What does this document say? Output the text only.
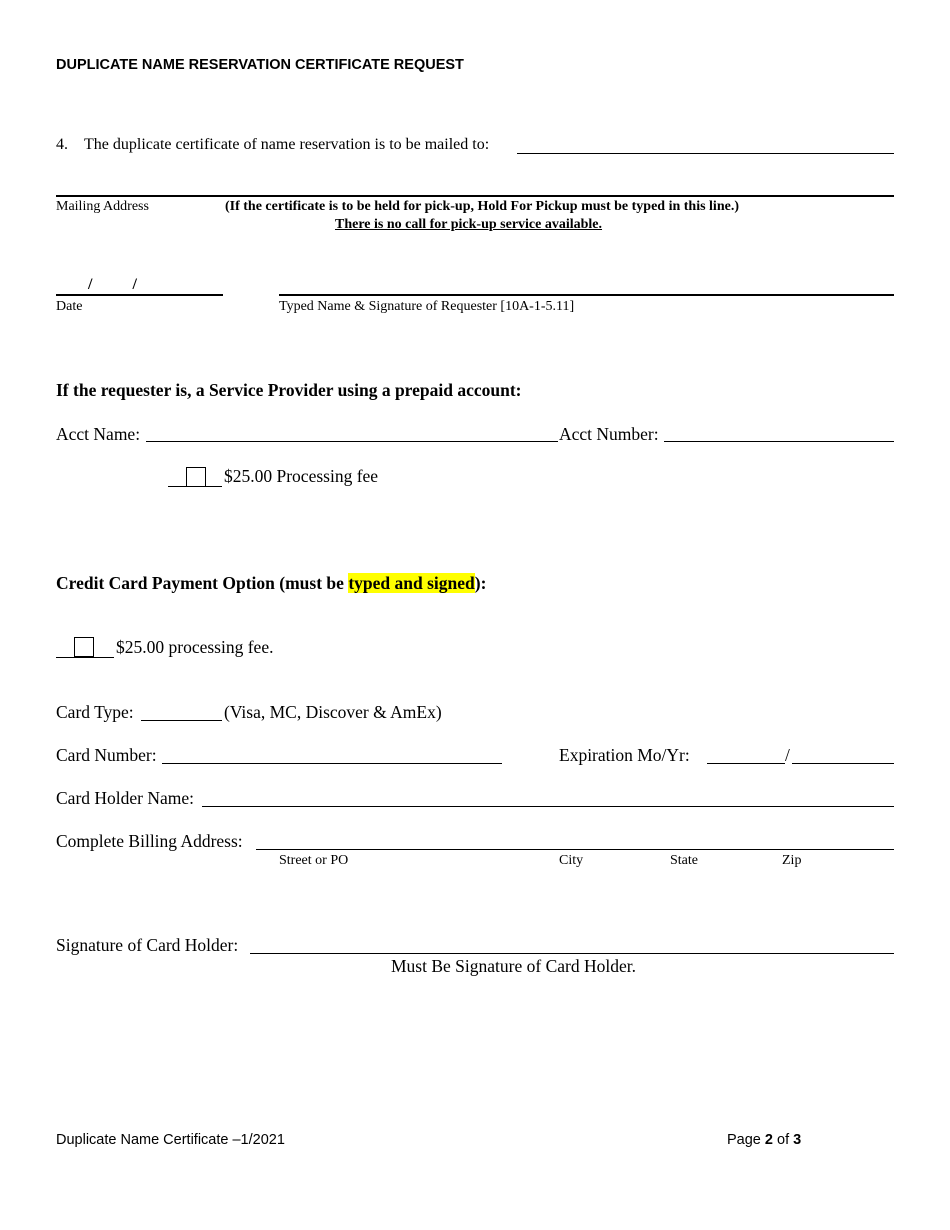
DUPLICATE NAME RESERVATION CERTIFICATE REQUEST
4. The duplicate certificate of name reservation is to be mailed to:
Mailing Address	(If the certificate is to be held for pick-up, Hold For Pickup must be typed in this line.)
There is no call for pick-up service available.
/          /
Date	Typed Name & Signature of Requester [10A-1-5.11]
If the requester is, a Service Provider using a prepaid account:
Acct Name:	Acct Number:
$25.00 Processing fee
Credit Card Payment Option (must be typed and signed):
$25.00 processing fee.
Card Type:	(Visa, MC, Discover & AmEx)
Card Number:	Expiration Mo/Yr:	/
Card Holder Name:
Complete Billing Address:
Street or PO	City	State	Zip
Signature of Card Holder:
Must Be Signature of Card Holder.
Duplicate Name Certificate –1/2021	Page 2 of 3
